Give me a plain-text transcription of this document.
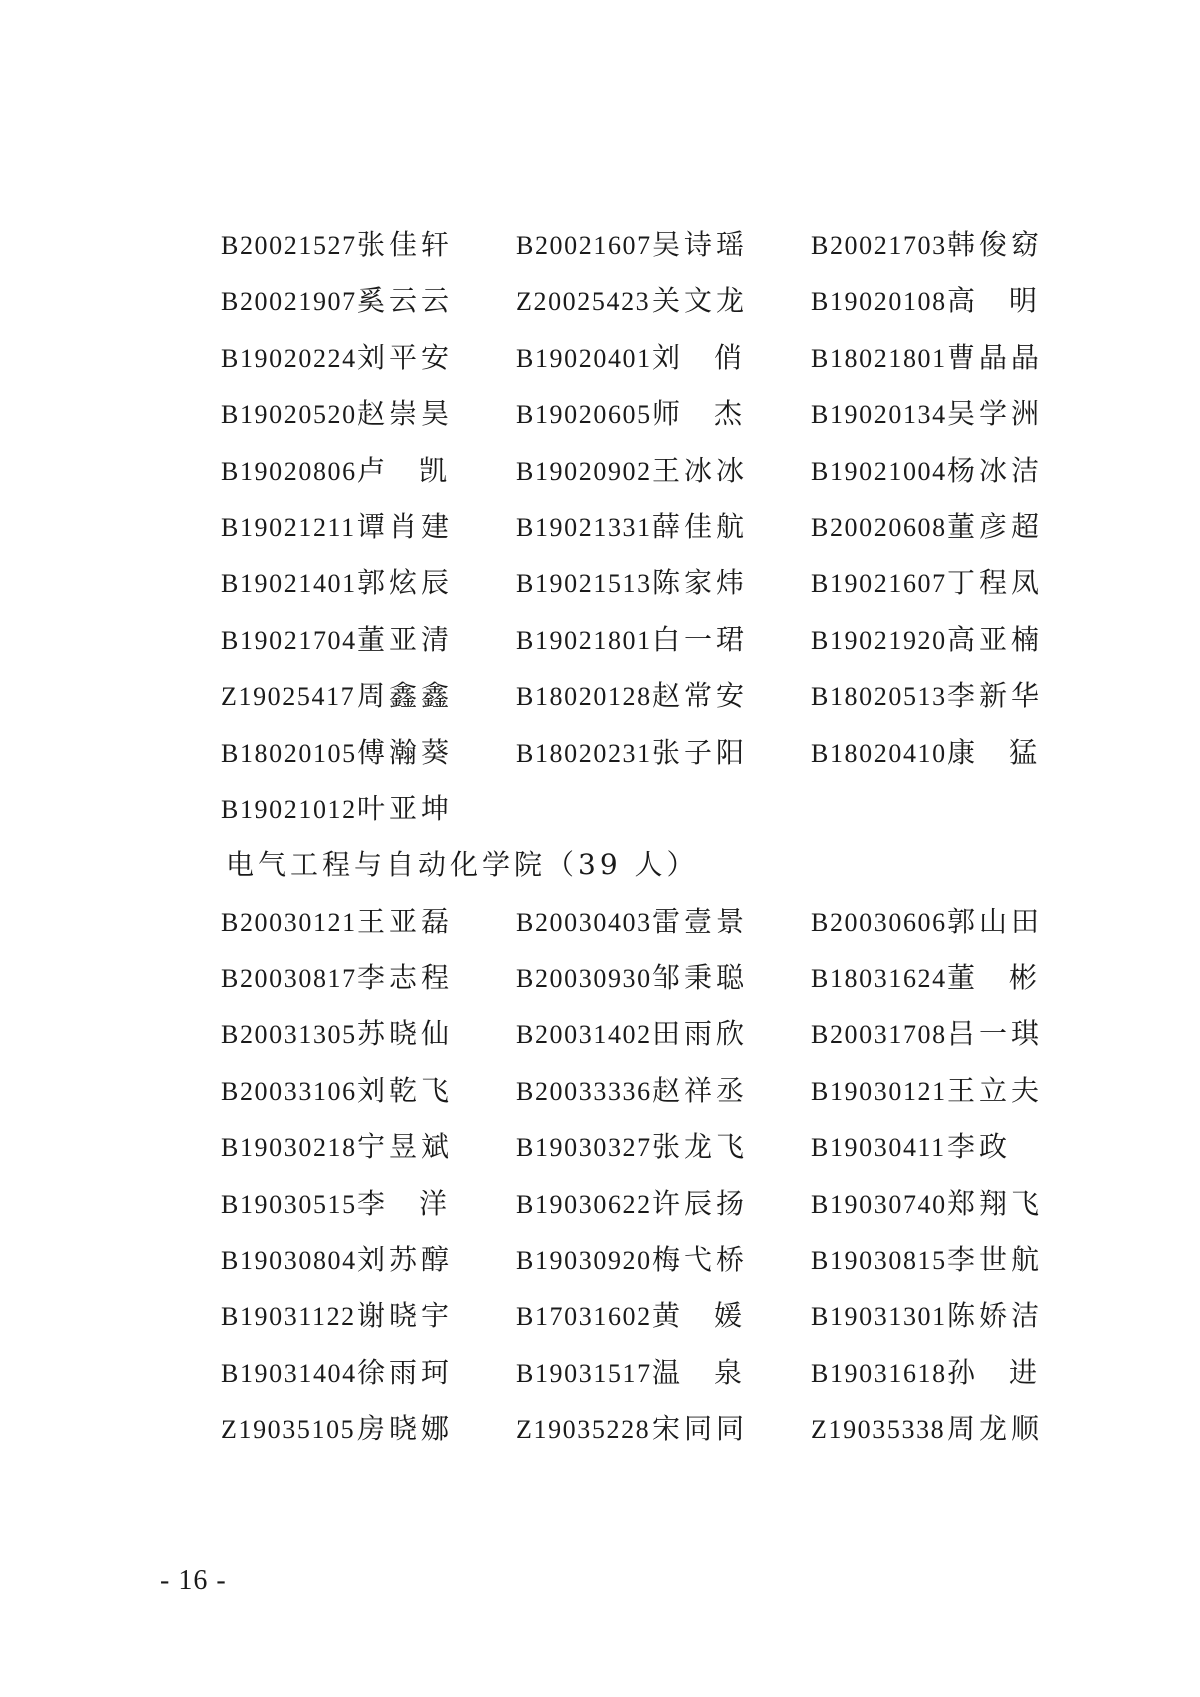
B20021527张佳轩 B20021607吴诗瑶 B20021703韩俊窈
B20021907奚云云 Z20025423关文龙 B19020108高 明
B19020224刘平安 B19020401刘 俏	B18021801曹晶晶
B19020520赵崇昊 B19020605师 杰	B19020134吴学洲
B19020806卢 凯	B19020902王冰冰 B19021004杨冰洁
B19021211谭肖建 B19021331薛佳航 B20020608董彦超
B19021401郭炫辰 B19021513陈家炜 B19021607丁程凤
B19021704董亚清 B19021801白一珺 B19021920高亚楠
Z19025417周鑫鑫 B18020128赵常安 B18020513李新华
B18020105傅瀚葵 B18020231张子阳 B18020410康 猛
B19021012叶亚坤
电气工程与自动化学院（39 人）
B20030121王亚磊 B20030403雷壹景 B20030606郭山田
B20030817李志程 B20030930邹秉聪 B18031624董 彬
B20031305苏晓仙 B20031402田雨欣 B20031708吕一琪
B20033106刘乾飞 B20033336赵祥丞 B19030121王立夫
B19030218宁昱斌 B19030327张龙飞 B19030411李政
B19030515李 洋	B19030622许辰扬 B19030740郑翔飞
B19030804刘苏醇 B19030920梅弋桥 B19030815李世航
B19031122谢晓宇 B17031602黄 媛	B19031301陈娇洁
B19031404徐雨珂 B19031517温 泉	B19031618孙 进
Z19035105房晓娜 Z19035228宋同同 Z19035338周龙顺
- 16 -
